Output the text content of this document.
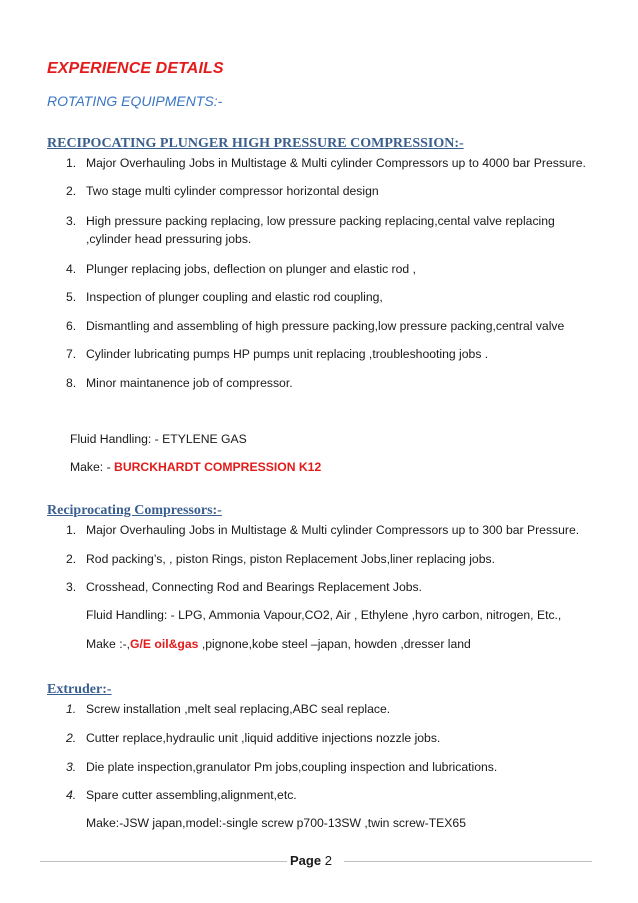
EXPERIENCE DETAILS
ROTATING EQUIPMENTS:-
RECIPOCATING PLUNGER HIGH PRESSURE COMPRESSION:-
1. Major Overhauling Jobs in Multistage & Multi cylinder Compressors up to 4000 bar Pressure.
2. Two stage multi cylinder compressor horizontal design
3. High pressure packing replacing, low pressure packing replacing,cental valve replacing ,cylinder head pressuring jobs.
4. Plunger replacing jobs, deflection on plunger and elastic rod ,
5. Inspection of plunger coupling and elastic rod coupling,
6. Dismantling and assembling of high pressure packing,low pressure packing,central valve
7. Cylinder lubricating pumps HP pumps unit replacing ,troubleshooting jobs .
8. Minor maintanence job of compressor.
Fluid Handling: - ETYLENE GAS
Make: - BURCKHARDT COMPRESSION K12
Reciprocating Compressors:-
1. Major Overhauling Jobs in Multistage & Multi cylinder Compressors up to 300 bar Pressure.
2. Rod packing’s, , piston Rings, piston Replacement Jobs,liner replacing jobs.
3. Crosshead, Connecting Rod and Bearings Replacement Jobs.
Fluid Handling: - LPG, Ammonia Vapour,CO2, Air , Ethylene ,hyro carbon, nitrogen, Etc.,
Make :-,G/E oil&gas ,pignone,kobe steel –japan, howden ,dresser land
Extruder:-
1. Screw installation ,melt seal replacing,ABC seal replace.
2. Cutter replace,hydraulic unit ,liquid additive injections nozzle jobs.
3. Die plate inspection,granulator Pm jobs,coupling inspection and lubrications.
4. Spare cutter assembling,alignment,etc.
Make:-JSW japan,model:-single screw p700-13SW ,twin screw-TEX65
Page 2
